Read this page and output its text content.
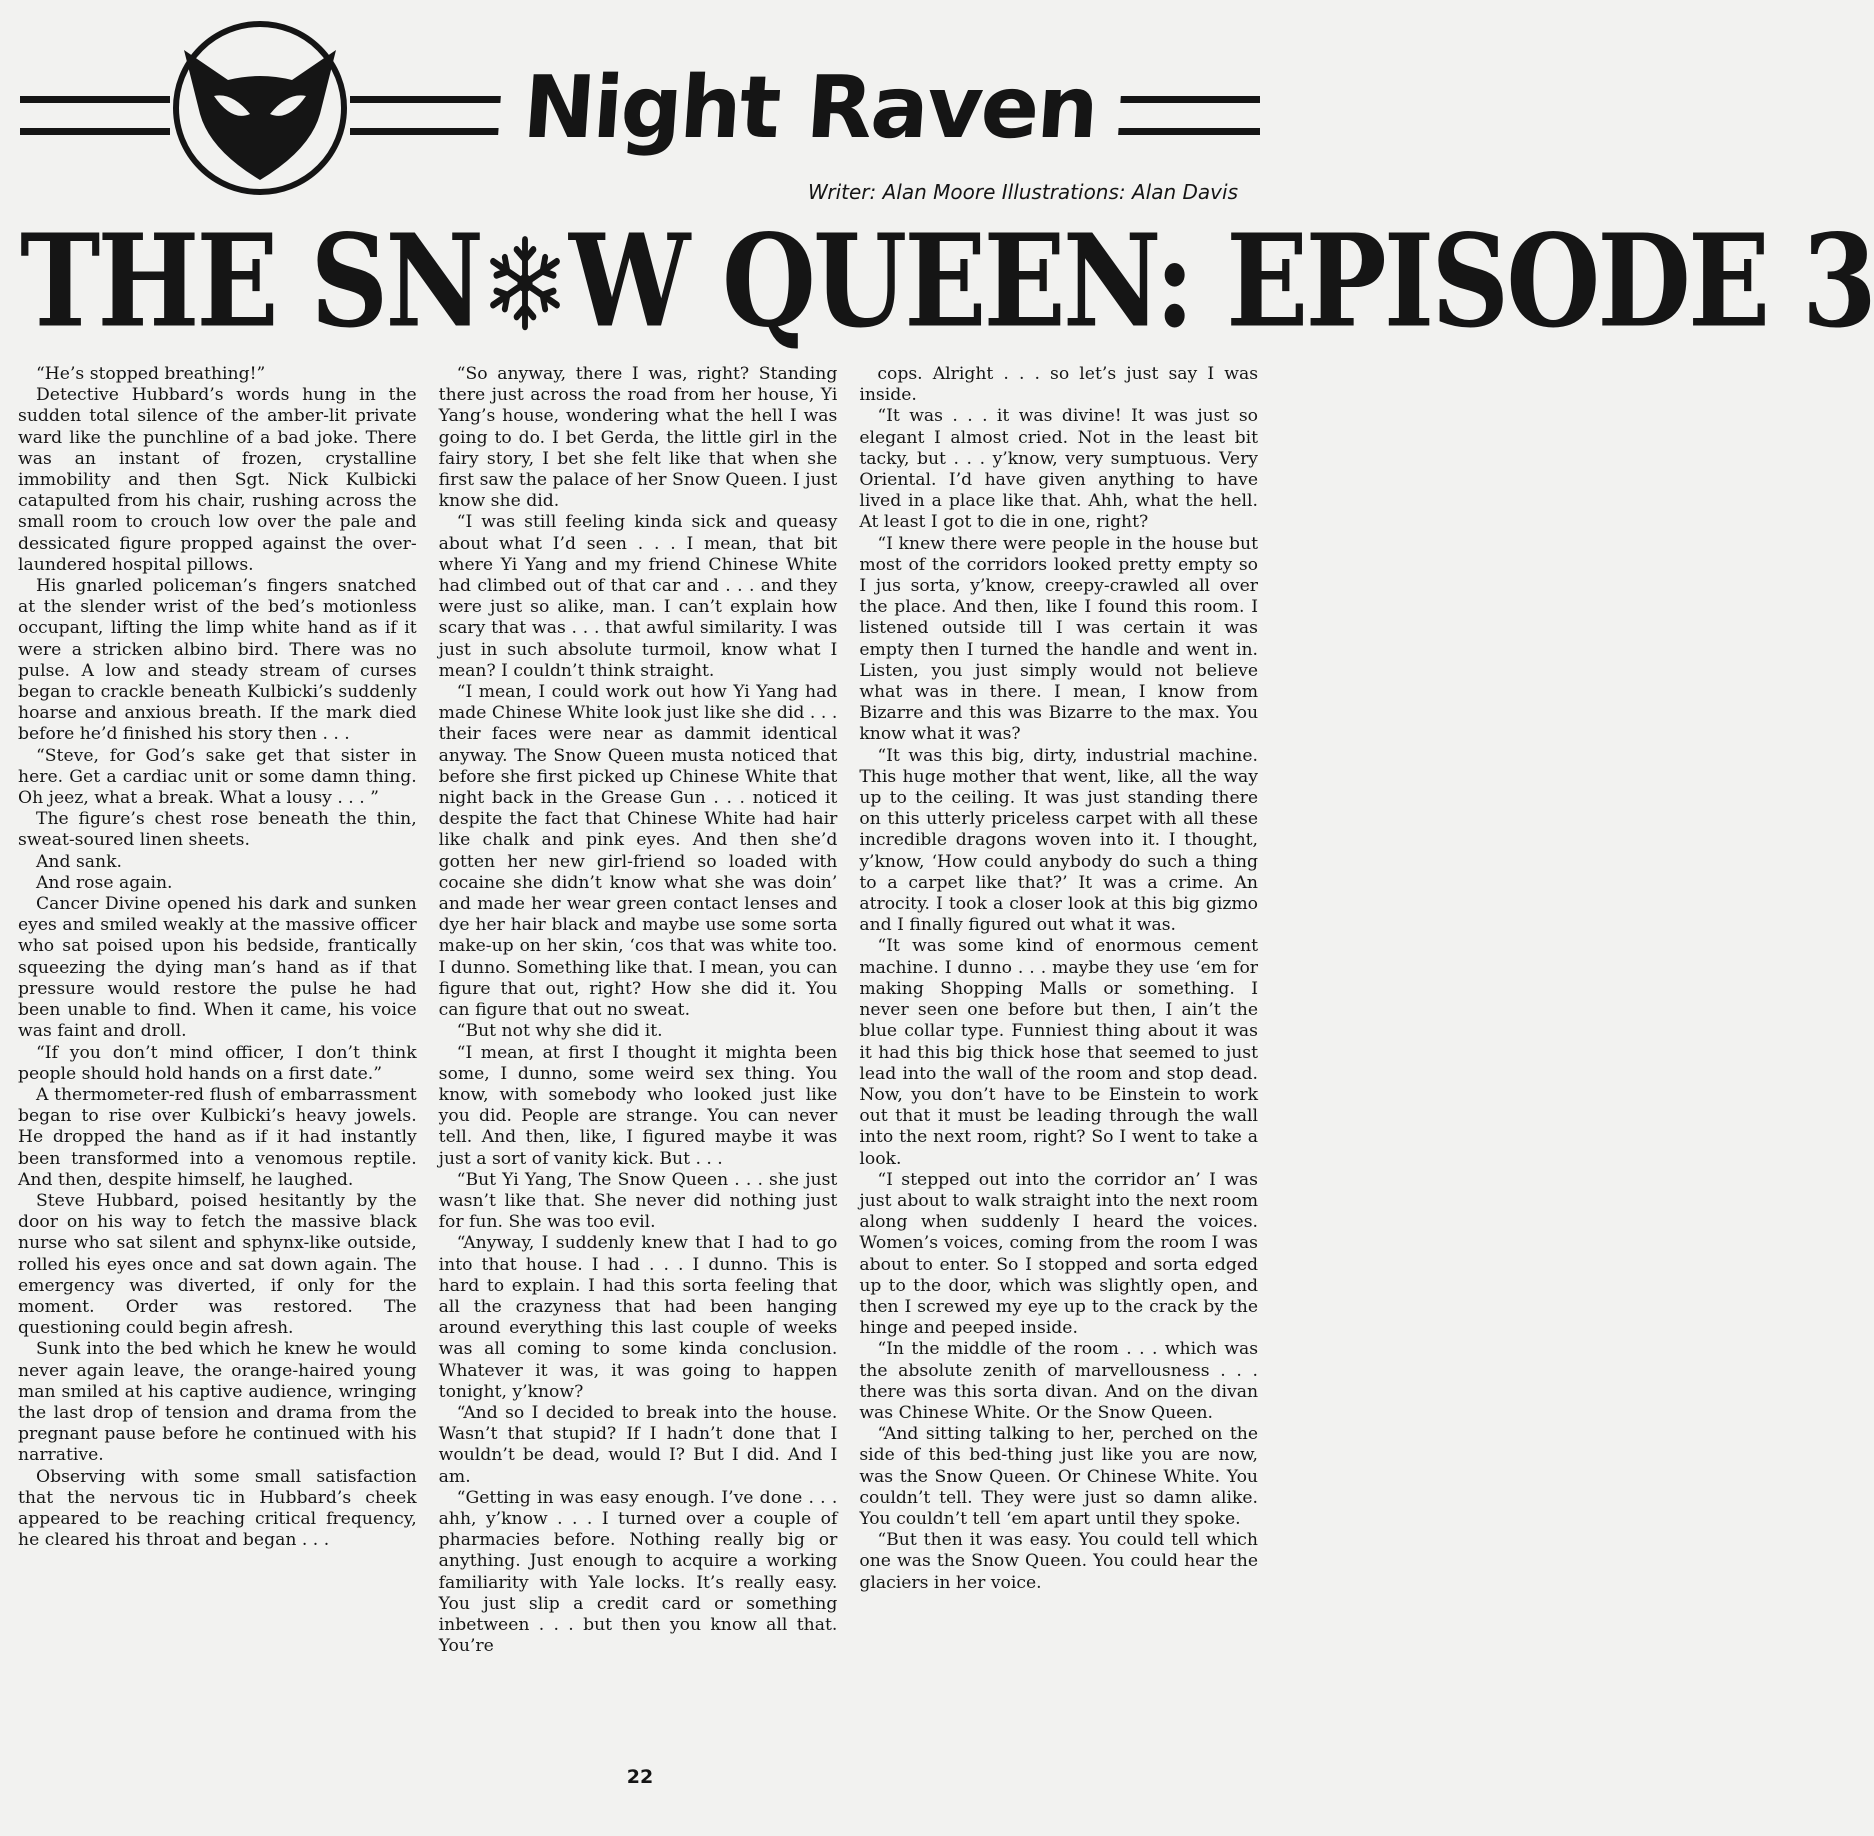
Night Raven
Writer: Alan Moore Illustrations: Alan Davis
THE SN W QUEEN: EPISODE 3

“He’s stopped breathing!”

Detective Hubbard’s words hung in the sudden total silence of the amber-lit private ward like the punchline of a bad joke. There was an instant of frozen, crystalline immobility and then Sgt. Nick Kulbicki catapulted from his chair, rushing across the small room to crouch low over the pale and dessicated figure propped against the over-laundered hospital pillows.

His gnarled policeman’s fingers snatched at the slender wrist of the bed’s motionless occupant, lifting the limp white hand as if it were a stricken albino bird. There was no pulse. A low and steady stream of curses began to crackle beneath Kulbicki’s suddenly hoarse and anxious breath. If the mark died before he’d finished his story then . . .

“Steve, for God’s sake get that sister in here. Get a cardiac unit or some damn thing. Oh jeez, what a break. What a lousy . . . ”

The figure’s chest rose beneath the thin, sweat-soured linen sheets.

And sank.

And rose again.

Cancer Divine opened his dark and sunken eyes and smiled weakly at the massive officer who sat poised upon his bedside, frantically squeezing the dying man’s hand as if that pressure would restore the pulse he had been unable to find. When it came, his voice was faint and droll.

“If you don’t mind officer, I don’t think people should hold hands on a first date.”

A thermometer-red flush of embarrassment began to rise over Kulbicki’s heavy jowels. He dropped the hand as if it had instantly been transformed into a venomous reptile. And then, despite himself, he laughed.

Steve Hubbard, poised hesitantly by the door on his way to fetch the massive black nurse who sat silent and sphynx-like outside, rolled his eyes once and sat down again. The emergency was diverted, if only for the moment. Order was restored. The questioning could begin afresh.

Sunk into the bed which he knew he would never again leave, the orange-haired young man smiled at his captive audience, wringing the last drop of tension and drama from the pregnant pause before he continued with his narrative.

Observing with some small satisfaction that the nervous tic in Hubbard’s cheek appeared to be reaching critical frequency, he cleared his throat and began . . .

“So anyway, there I was, right? Standing there just across the road from her house, Yi Yang’s house, wondering what the hell I was going to do. I bet Gerda, the little girl in the fairy story, I bet she felt like that when she first saw the palace of her Snow Queen. I just know she did.

“I was still feeling kinda sick and queasy about what I’d seen . . . I mean, that bit where Yi Yang and my friend Chinese White had climbed out of that car and . . . and they were just so alike, man. I can’t explain how scary that was . . . that awful similarity. I was just in such absolute turmoil, know what I mean? I couldn’t think straight.

“I mean, I could work out how Yi Yang had made Chinese White look just like she did . . . their faces were near as dammit identical anyway. The Snow Queen musta noticed that before she first picked up Chinese White that night back in the Grease Gun . . . noticed it despite the fact that Chinese White had hair like chalk and pink eyes. And then she’d gotten her new girl-friend so loaded with cocaine she didn’t know what she was doin’ and made her wear green contact lenses and dye her hair black and maybe use some sorta make-up on her skin, ‘cos that was white too. I dunno. Something like that. I mean, you can figure that out, right? How she did it. You can figure that out no sweat.

“But not why she did it.

“I mean, at first I thought it mighta been some, I dunno, some weird sex thing. You know, with somebody who looked just like you did. People are strange. You can never tell. And then, like, I figured maybe it was just a sort of vanity kick. But . . .

“But Yi Yang, The Snow Queen . . . she just wasn’t like that. She never did nothing just for fun. She was too evil.

“Anyway, I suddenly knew that I had to go into that house. I had . . . I dunno. This is hard to explain. I had this sorta feeling that all the crazyness that had been hanging around everything this last couple of weeks was all coming to some kinda conclusion. Whatever it was, it was going to happen tonight, y’know?

“And so I decided to break into the house. Wasn’t that stupid? If I hadn’t done that I wouldn’t be dead, would I? But I did. And I am.

“Getting in was easy enough. I’ve done . . . ahh, y’know . . . I turned over a couple of pharmacies before. Nothing really big or anything. Just enough to acquire a working familiarity with Yale locks. It’s really easy. You just slip a credit card or something inbetween . . . but then you know all that. You’re

cops. Alright . . . so let’s just say I was inside.

“It was . . . it was divine! It was just so elegant I almost cried. Not in the least bit tacky, but . . . y’know, very sumptuous. Very Oriental. I’d have given anything to have lived in a place like that. Ahh, what the hell. At least I got to die in one, right?

“I knew there were people in the house but most of the corridors looked pretty empty so I jus sorta, y’know, creepy-crawled all over the place. And then, like I found this room. I listened outside till I was certain it was empty then I turned the handle and went in. Listen, you just simply would not believe what was in there. I mean, I know from Bizarre and this was Bizarre to the max. You know what it was?

“It was this big, dirty, industrial machine. This huge mother that went, like, all the way up to the ceiling. It was just standing there on this utterly priceless carpet with all these incredible dragons woven into it. I thought, y’know, ‘How could anybody do such a thing to a carpet like that?’ It was a crime. An atrocity. I took a closer look at this big gizmo and I finally figured out what it was.

“It was some kind of enormous cement machine. I dunno . . . maybe they use ‘em for making Shopping Malls or something. I never seen one before but then, I ain’t the blue collar type. Funniest thing about it was it had this big thick hose that seemed to just lead into the wall of the room and stop dead. Now, you don’t have to be Einstein to work out that it must be leading through the wall into the next room, right? So I went to take a look.

“I stepped out into the corridor an’ I was just about to walk straight into the next room along when suddenly I heard the voices. Women’s voices, coming from the room I was about to enter. So I stopped and sorta edged up to the door, which was slightly open, and then I screwed my eye up to the crack by the hinge and peeped inside.

“In the middle of the room . . . which was the absolute zenith of marvellousness . . . there was this sorta divan. And on the divan was Chinese White. Or the Snow Queen.

“And sitting talking to her, perched on the side of this bed-thing just like you are now, was the Snow Queen. Or Chinese White. You couldn’t tell. They were just so damn alike. You couldn’t tell ‘em apart until they spoke.

“But then it was easy. You could tell which one was the Snow Queen. You could hear the glaciers in her voice.

22
